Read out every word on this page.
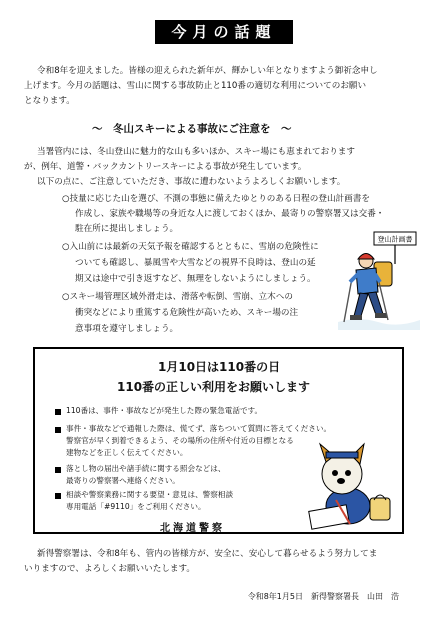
今月の話題
令和8年を迎えました。皆様の迎えられた新年が、輝かしい年となりますよう御祈念申し
上げます。今月の話題は、雪山に関する事故防止と110番の適切な利用についてのお願い
となります。
～　冬山スキーによる事故にご注意を　～
当署管内には、冬山登山に魅力的な山も多いほか、スキー場にも恵まれております
が、例年、道警・バックカントリースキーによる事故が発生しています。
以下の点に、ご注意していただき、事故に遭わないようよろしくお願いします。
○技量に応じた山を選び、不測の事態に備えたゆとりのある日程の登山計画書を
作成し、家族や職場等の身近な人に渡しておくほか、最寄りの警察署又は交番・
駐在所に提出しましょう。
○入山前には最新の天気予報を確認するとともに、雪崩の危険性に
ついても確認し、暴風雪や大雪などの視界不良時は、登山の延
期又は途中で引き返すなど、無理をしないようにしましょう。
○スキー場管理区域外滑走は、滑落や転倒、雪崩、立木への
衝突などにより重篤する危険性が高いため、スキー場の注
意事項を遵守しましょう。
登山計画書
1月10日は110番の日
110番の正しい利用をお願いします
110番は、事件・事故などが発生した際の緊急電話です。
事件・事故などで通報した際は、慌てず、落ちついて質問に答えてください。
警察官が早く到着できるよう、その場所の住所や付近の目標となる
建物などを正しく伝えてください。
落とし物の届出や諸手続に関する照会などは、
最寄りの警察署へ連絡ください。
相談や警察業務に関する要望・意見は、警察相談
専用電話「#9110」をご利用ください。
北海道警察
新得警察署は、令和8年も、管内の皆様方が、安全に、安心して暮らせるよう努力してま
いりますので、よろしくお願いいたします。
令和8年1月5日　新得警察署長　山田　浩
